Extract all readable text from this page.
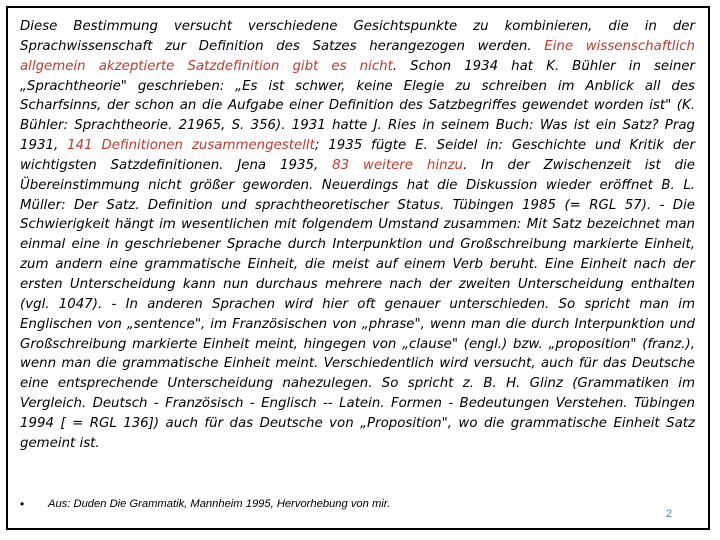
Diese Bestimmung versucht verschiedene Gesichtspunkte zu kombinieren, die in der Sprachwissenschaft zur Definition des Satzes herangezogen werden. Eine wissenschaftlich allgemein akzeptierte Satzdefinition gibt es nicht. Schon 1934 hat K. Bühler in seiner „Sprachtheorie" geschrieben: „Es ist schwer, keine Elegie zu schreiben im Anblick all des Scharfsinns, der schon an die Aufgabe einer Definition des Satzbegriffes gewendet worden ist" (K. Bühler: Sprachtheorie. 21965, S. 356). 1931 hatte J. Ries in seinem Buch: Was ist ein Satz? Prag 1931, 141 Definitionen zusammengestellt; 1935 fügte E. Seidel in: Geschichte und Kritik der wichtigsten Satzdefinitionen. Jena 1935, 83 weitere hinzu. In der Zwischenzeit ist die Übereinstimmung nicht größer geworden. Neuerdings hat die Diskussion wieder eröffnet B. L. Müller: Der Satz. Definition und sprachtheoretischer Status. Tübingen 1985 (= RGL 57). - Die Schwierigkeit hängt im wesentlichen mit folgendem Umstand zusammen: Mit Satz bezeichnet man einmal eine in geschriebener Sprache durch Interpunktion und Großschreibung markierte Einheit, zum andern eine grammatische Einheit, die meist auf einem Verb beruht. Eine Einheit nach der ersten Unterscheidung kann nun durchaus mehrere nach der zweiten Unterscheidung enthalten (vgl. 1047). - In anderen Sprachen wird hier oft genauer unterschieden. So spricht man im Englischen von „sentence", im Französischen von „phrase", wenn man die durch Interpunktion und Großschreibung markierte Einheit meint, hingegen von „clause" (engl.) bzw. „proposition" (franz.), wenn man die grammatische Einheit meint. Verschiedentlich wird versucht, auch für das Deutsche eine entsprechende Unterscheidung nahezulegen. So spricht z. B. H. Glinz (Grammatiken im Vergleich. Deutsch - Französisch - Englisch -- Latein. Formen - Bedeutungen Verstehen. Tübingen 1994 [ = RGL 136]) auch für das Deutsche von „Proposition", wo die grammatische Einheit Satz gemeint ist.

•	Aus: Duden Die Grammatik, Mannheim 1995, Hervorhebung von mir.
2
